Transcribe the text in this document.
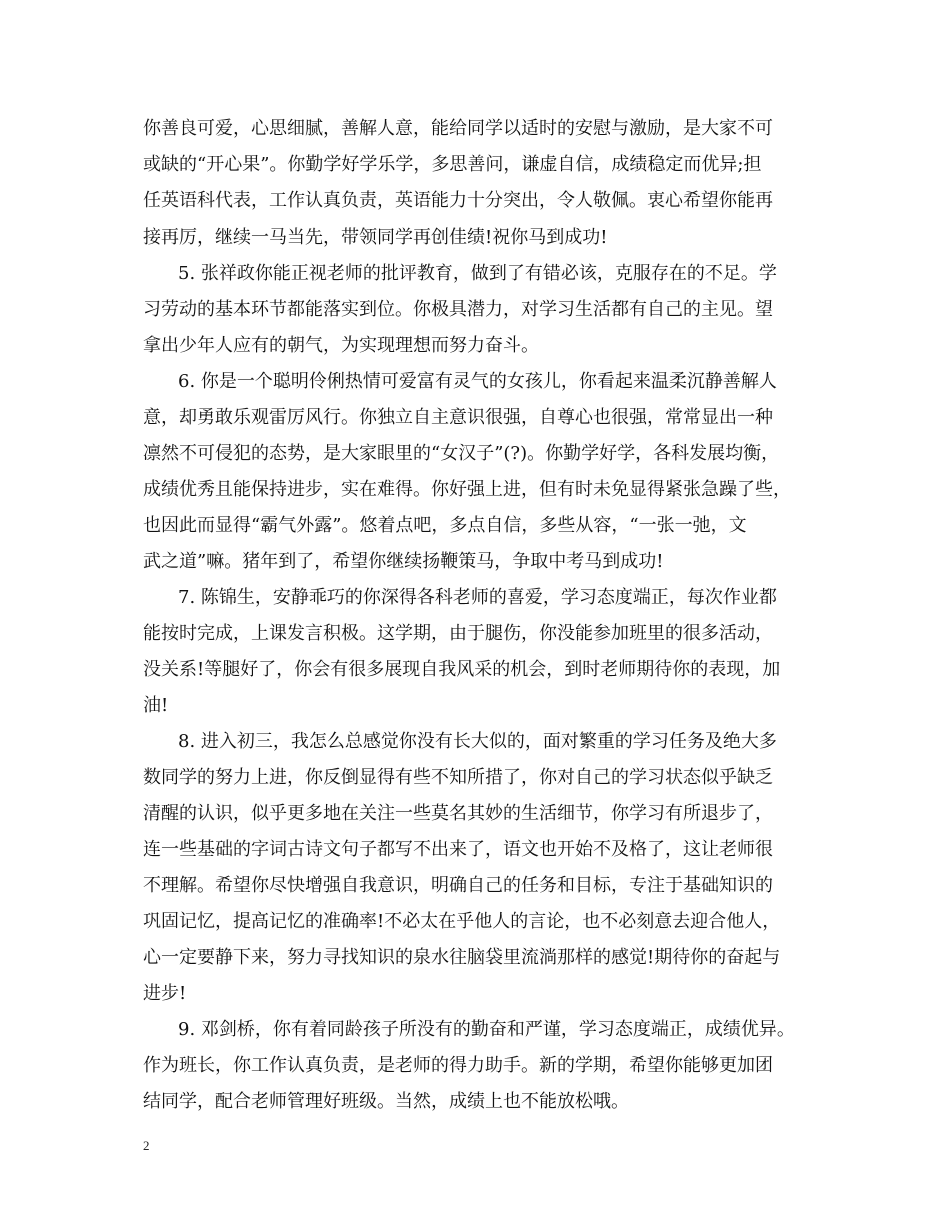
你善良可爱，心思细腻，善解人意，能给同学以适时的安慰与激励，是大家不可
或缺的“开心果”。你勤学好学乐学，多思善问，谦虚自信，成绩稳定而优异;担
任英语科代表，工作认真负责，英语能力十分突出，令人敬佩。衷心希望你能再
接再厉，继续一马当先，带领同学再创佳绩!祝你马到成功!
5. 张祥政你能正视老师的批评教育，做到了有错必该，克服存在的不足。学
习劳动的基本环节都能落实到位。你极具潜力，对学习生活都有自己的主见。望
拿出少年人应有的朝气，为实现理想而努力奋斗。
6. 你是一个聪明伶俐热情可爱富有灵气的女孩儿，你看起来温柔沉静善解人
意，却勇敢乐观雷厉风行。你独立自主意识很强，自尊心也很强，常常显出一种
凛然不可侵犯的态势，是大家眼里的“女汉子”(?)。你勤学好学，各科发展均衡，
成绩优秀且能保持进步，实在难得。你好强上进，但有时未免显得紧张急躁了些，
也因此而显得“霸气外露”。悠着点吧，多点自信，多些从容，“一张一弛，文
武之道”嘛。猪年到了，希望你继续扬鞭策马，争取中考马到成功!
7. 陈锦生，安静乖巧的你深得各科老师的喜爱，学习态度端正，每次作业都
能按时完成，上课发言积极。这学期，由于腿伤，你没能参加班里的很多活动，
没关系!等腿好了，你会有很多展现自我风采的机会，到时老师期待你的表现，加
油!
8. 进入初三，我怎么总感觉你没有长大似的，面对繁重的学习任务及绝大多
数同学的努力上进，你反倒显得有些不知所措了，你对自己的学习状态似乎缺乏
清醒的认识，似乎更多地在关注一些莫名其妙的生活细节，你学习有所退步了，
连一些基础的字词古诗文句子都写不出来了，语文也开始不及格了，这让老师很
不理解。希望你尽快增强自我意识，明确自己的任务和目标，专注于基础知识的
巩固记忆，提高记忆的准确率!不必太在乎他人的言论，也不必刻意去迎合他人，
心一定要静下来，努力寻找知识的泉水往脑袋里流淌那样的感觉!期待你的奋起与
进步!
9. 邓剑桥，你有着同龄孩子所没有的勤奋和严谨，学习态度端正，成绩优异。
作为班长，你工作认真负责，是老师的得力助手。新的学期，希望你能够更加团
结同学，配合老师管理好班级。当然，成绩上也不能放松哦。
2
